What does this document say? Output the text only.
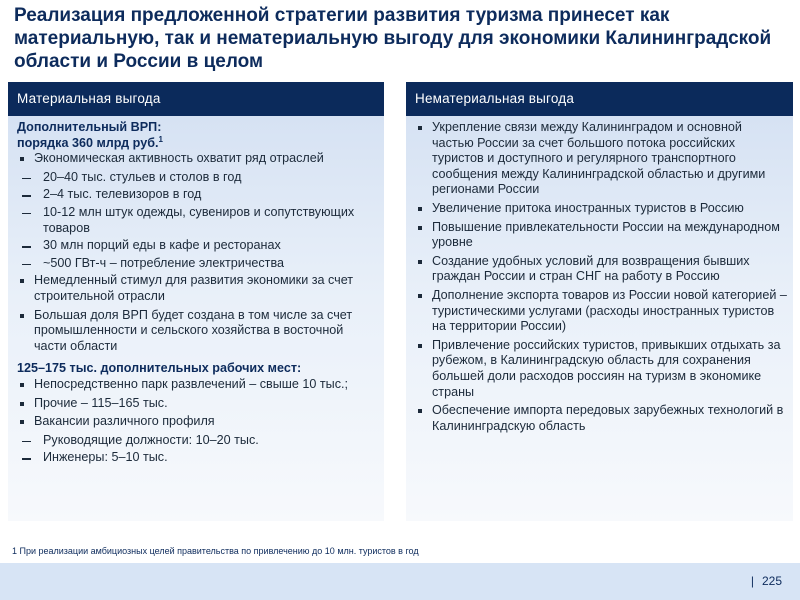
Реализация предложенной стратегии развития туризма принесет как материальную, так и нематериальную выгоду для экономики Калининградской области и России в целом
Материальная выгода
Дополнительный ВРП:
порядка 360 млрд руб.$^1$
Экономическая активность охватит ряд отраслей
20–40 тыс. стульев и столов в год
2–4 тыс. телевизоров в год
10-12 млн штук одежды, сувениров и сопутствующих товаров
30 млн порций еды в кафе и ресторанах
~500 ГВт-ч – потребление электричества
Немедленный стимул для развития экономики за счет строительной отрасли
Большая доля ВРП будет создана в том числе за счет промышленности и сельского хозяйства в восточной части области
125–175 тыс. дополнительных рабочих мест:
Непосредственно парк развлечений – свыше 10 тыс.;
Прочие – 115–165 тыс.
Вакансии различного профиля
Руководящие должности: 10–20 тыс.
Инженеры: 5–10 тыс.
Нематериальная выгода
Укрепление связи между Калининградом и основной частью России за счет большого потока российских туристов и доступного и регулярного транспортного сообщения между Калининградской областью и другими регионами России
Увеличение притока иностранных туристов в Россию
Повышение привлекательности России на международном уровне
Создание удобных условий для возвращения бывших граждан России и стран СНГ на работу в Россию
Дополнение экспорта товаров из России новой категорией – туристическими услугами (расходы иностранных туристов на территории России)
Привлечение российских туристов, привыкших отдыхать за рубежом, в Калининградскую область для сохранения большей доли расходов россиян на туризм в экономике страны
Обеспечение импорта передовых зарубежных технологий в Калининградскую область

1 При реализации амбициозных целей правительства по привлечению до 10 млн. туристов в год

| 225
